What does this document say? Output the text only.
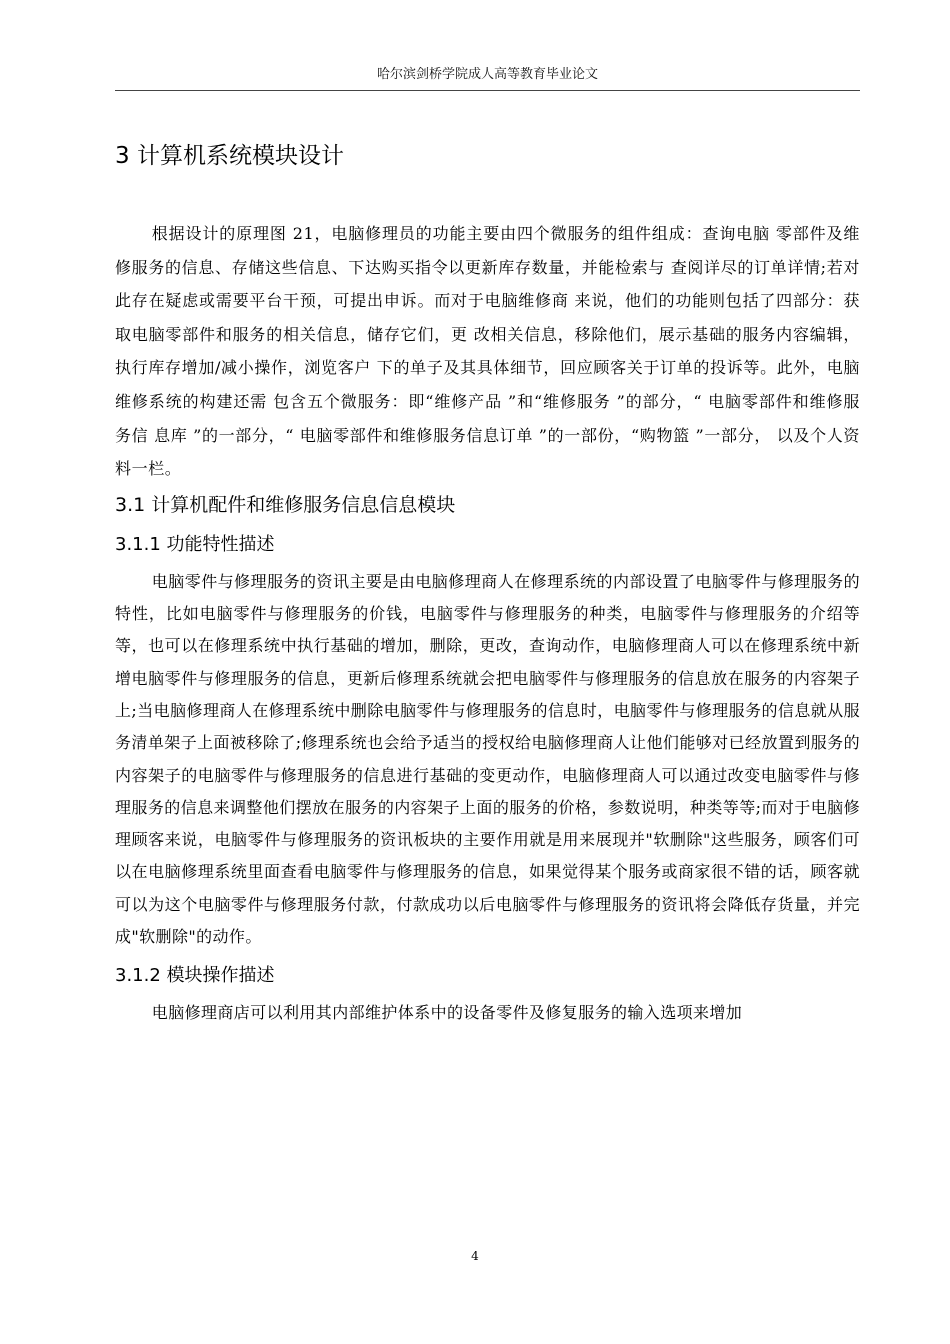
哈尔滨剑桥学院成人高等教育毕业论文
3 计算机系统模块设计

根据设计的原理图 21，电脑修理员的功能主要由四个微服务的组件组成：查询电脑 零部件及维修服务的信息、存储这些信息、下达购买指令以更新库存数量，并能检索与 查阅详尽的订单详情;若对此存在疑虑或需要平台干预，可提出申诉。而对于电脑维修商 来说，他们的功能则包括了四部分：获取电脑零部件和服务的相关信息，储存它们，更 改相关信息，移除他们，展示基础的服务内容编辑，执行库存增加/减小操作，浏览客户 下的单子及其具体细节，回应顾客关于订单的投诉等。此外，电脑维修系统的构建还需 包含五个微服务：即“维修产品 ”和“维修服务 ”的部分，“ 电脑零部件和维修服务信 息库 ”的一部分，“ 电脑零部件和维修服务信息订单 ”的一部份，“购物篮 ”一部分， 以及个人资料一栏。

3.1 计算机配件和维修服务信息信息模块
3.1.1 功能特性描述

电脑零件与修理服务的资讯主要是由电脑修理商人在修理系统的内部设置了电脑零件与修理服务的特性，比如电脑零件与修理服务的价钱，电脑零件与修理服务的种类，电脑零件与修理服务的介绍等等，也可以在修理系统中执行基础的增加，删除，更改，查询动作，电脑修理商人可以在修理系统中新增电脑零件与修理服务的信息，更新后修理系统就会把电脑零件与修理服务的信息放在服务的内容架子上;当电脑修理商人在修理系统中删除电脑零件与修理服务的信息时，电脑零件与修理服务的信息就从服务清单架子上面被移除了;修理系统也会给予适当的授权给电脑修理商人让他们能够对已经放置到服务的内容架子的电脑零件与修理服务的信息进行基础的变更动作，电脑修理商人可以通过改变电脑零件与修理服务的信息来调整他们摆放在服务的内容架子上面的服务的价格，参数说明，种类等等;而对于电脑修理顾客来说，电脑零件与修理服务的资讯板块的主要作用就是用来展现并"软删除"这些服务，顾客们可以在电脑修理系统里面查看电脑零件与修理服务的信息，如果觉得某个服务或商家很不错的话，顾客就可以为这个电脑零件与修理服务付款，付款成功以后电脑零件与修理服务的资讯将会降低存货量，并完成"软删除"的动作。

3.1.2 模块操作描述

电脑修理商店可以利用其内部维护体系中的设备零件及修复服务的输入选项来增加

4
